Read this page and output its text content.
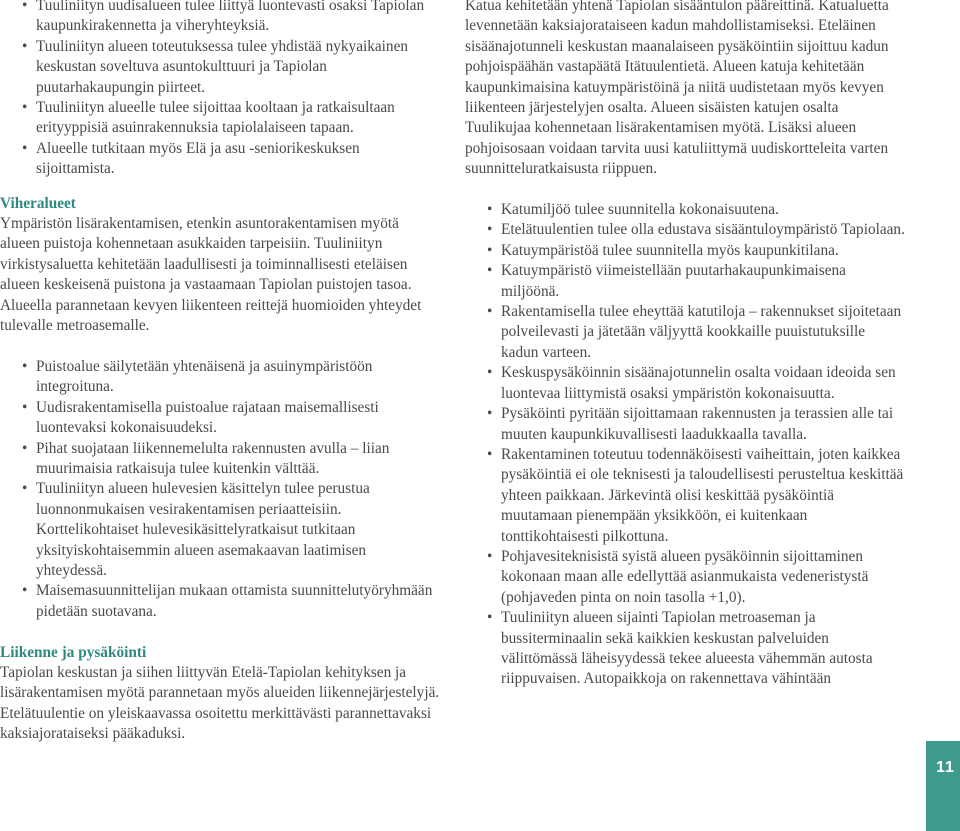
• Tuuliniityn uudisalueen tulee liittyä luontevasti osaksi Tapiolan kaupunkirakennetta ja viheryhteyksiä.
• Tuuliniityn alueen toteutuksessa tulee yhdistää nykyaikainen keskustan soveltuva asuntokulttuuri ja Tapiolan puutarhakaupungin piirteet.
• Tuuliniityn alueelle tulee sijoittaa kooltaan ja ratkaisultaan erityyppisiä asuinrakennuksia tapiolalaiseen tapaan.
• Alueelle tutkitaan myös Elä ja asu -seniorikeskuksen sijoittamista.

Viheralueet

Ympäristön lisärakentamisen, etenkin asuntorakentamisen myötä alueen puistoja kohennetaan asukkaiden tarpeisiin. Tuuliniityn virkistysaluetta kehitetään laadullisesti ja toiminnallisesti eteläisen alueen keskeisenä puistona ja vastaamaan Tapiolan puistojen tasoa. Alueella parannetaan kevyen liikenteen reittejä huomioiden yhteydet tulevalle metroasemalle.

• Puistoalue säilytetään yhtenäisenä ja asuinympäristöön integroituna.
• Uudisrakentamisella puistoalue rajataan maisemallisesti luontevaksi kokonaisuudeksi.
• Pihat suojataan liikennemelulta rakennusten avulla – liian muurimaisia ratkaisuja tulee kuitenkin välttää.
• Tuuliniityn alueen hulevesien käsittelyn tulee perustua luonnonmukaisen vesirakentamisen periaatteisiin. Korttelikohtaiset hulevesikäsittelyratkaisut tutkitaan yksityiskohtaisemmin alueen asemakaavan laatimisen yhteydessä.
• Maisemasuunnittelijan mukaan ottamista suunnittelutyöryhmään pidetään suotavana.

Liikenne ja pysäköinti

Tapiolan keskustan ja siihen liittyvän Etelä-Tapiolan kehityksen ja lisärakentamisen myötä parannetaan myös alueiden liikennejärjestelyjä. Etelätuulentie on yleiskaavassa osoitettu merkittävästi parannettavaksi kaksiajorataiseksi pääkaduksi.

Katua kehitetään yhtenä Tapiolan sisääntulon pääreittinä. Katualuetta levennetään kaksiajorataiseen kadun mahdollistamiseksi. Eteläinen sisäänajotunneli keskustan maanalaiseen pysäköintiin sijoittuu kadun pohjoispäähän vastapäätä Itätuulentietä. Alueen katuja kehitetään kaupunkimaisina katuympäristöinä ja niitä uudistetaan myös kevyen liikenteen järjestelyjen osalta. Alueen sisäisten katujen osalta Tuulikujaa kohennetaan lisärakentamisen myötä. Lisäksi alueen pohjoisosaan voidaan tarvita uusi katuliittymä uudiskortteleita varten suunnitteluratkaisusta riippuen.

• Katumiljöö tulee suunnitella kokonaisuutena.
• Etelätuulentien tulee olla edustava sisääntuloympäristö Tapiolaan.
• Katuympäristöä tulee suunnitella myös kaupunkitilana.
• Katuympäristö viimeistellään puutarhakaupunkimaisena miljöönä.
• Rakentamisella tulee eheyttää katutiloja – rakennukset sijoitetaan polveilevasti ja jätetään väljyyttä kookkaille puuistutuksille kadun varteen.
• Keskuspysäköinnin sisäänajotunnelin osalta voidaan ideoida sen luontevaa liittymistä osaksi ympäristön kokonaisuutta.
• Pysäköinti pyritään sijoittamaan rakennusten ja terassien alle tai muuten kaupunkikuvallisesti laadukkaalla tavalla.
• Rakentaminen toteutuu todennäköisesti vaiheittain, joten kaikkea pysäköintiä ei ole teknisesti ja taloudellisesti perusteltua keskittää yhteen paikkaan. Järkevintä olisi keskittää pysäköintiä muutamaan pienempään yksikköön, ei kuitenkaan tonttikohtaisesti pilkottuna.
• Pohjavesiteknisistä syistä alueen pysäköinnin sijoittaminen kokonaan maan alle edellyttää asianmukaista vedeneristystä (pohjaveden pinta on noin tasolla +1,0).
• Tuuliniityn alueen sijainti Tapiolan metroaseman ja bussiterminaalin sekä kaikkien keskustan palveluiden välittömässä läheisyydessä tekee alueesta vähemmän autosta riippuvaisen. Autopaikkoja on rakennettava vähintään
11
